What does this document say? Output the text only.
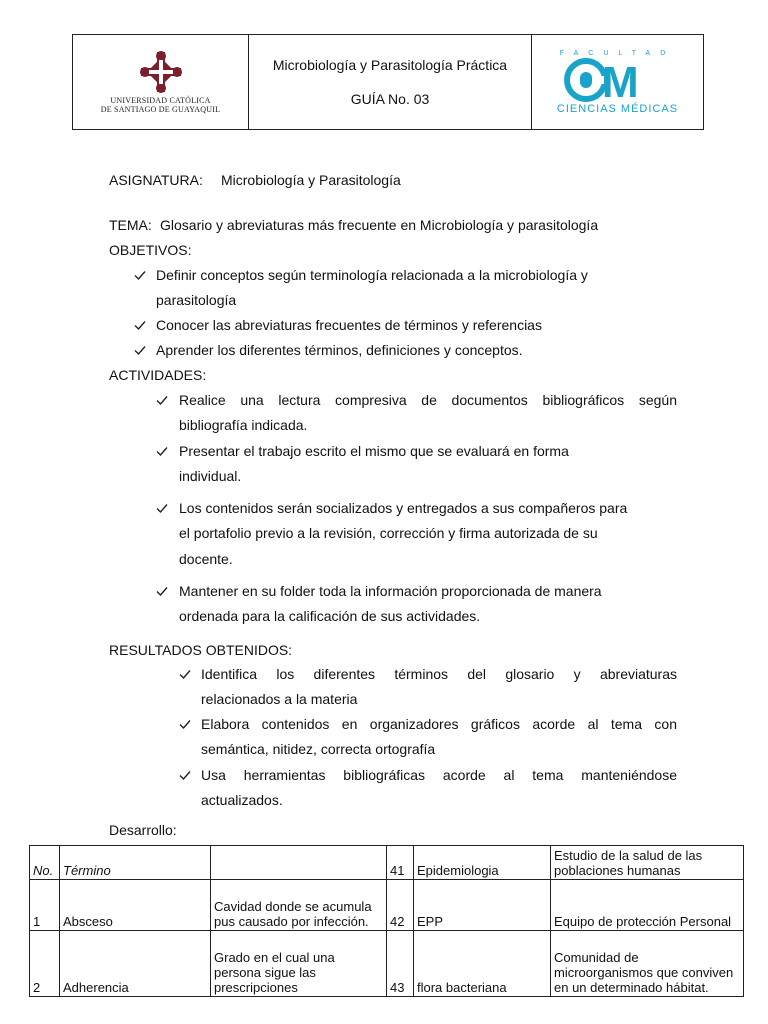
UNIVERSIDAD CATÓLICA
DE SANTIAGO DE GUAYAQUIL
Microbiología y Parasitología Práctica
GUÍA No. 03
FACULTAD
M
CIENCIAS MÉDICAS
ASIGNATURA: Microbiología y Parasitología
TEMA: Glosario y abreviaturas más frecuente en Microbiología y parasitología
OBJETIVOS:
Definir conceptos según terminología relacionada a la microbiología y
parasitología
Conocer las abreviaturas frecuentes de términos y referencias
Aprender los diferentes términos, definiciones y conceptos.
ACTIVIDADES:
Realice una lectura compresiva de documentos bibliográficos según
bibliografía indicada.
Presentar el trabajo escrito el mismo que se evaluará en forma
individual.
Los contenidos serán socializados y entregados a sus compañeros para
el portafolio previo a la revisión, corrección y firma autorizada de su
docente.
Mantener en su folder toda la información proporcionada de manera
ordenada para la calificación de sus actividades.
RESULTADOS OBTENIDOS:
Identifica los diferentes términos del glosario y abreviaturas
relacionados a la materia
Elabora contenidos en organizadores gráficos acorde al tema con
semántica, nitidez, correcta ortografía
Usa herramientas bibliográficas acorde al tema manteniéndose
actualizados.
Desarrollo:
No.	Término		41	Epidemiologia	Estudio de la salud de las poblaciones humanas
1	Absceso	Cavidad donde se acumula pus causado por infección.	42	EPP	Equipo de protección Personal
2	Adherencia	Grado en el cual una persona sigue las prescripciones	43	flora bacteriana	Comunidad de microorganismos que conviven en un determinado hábitat.
